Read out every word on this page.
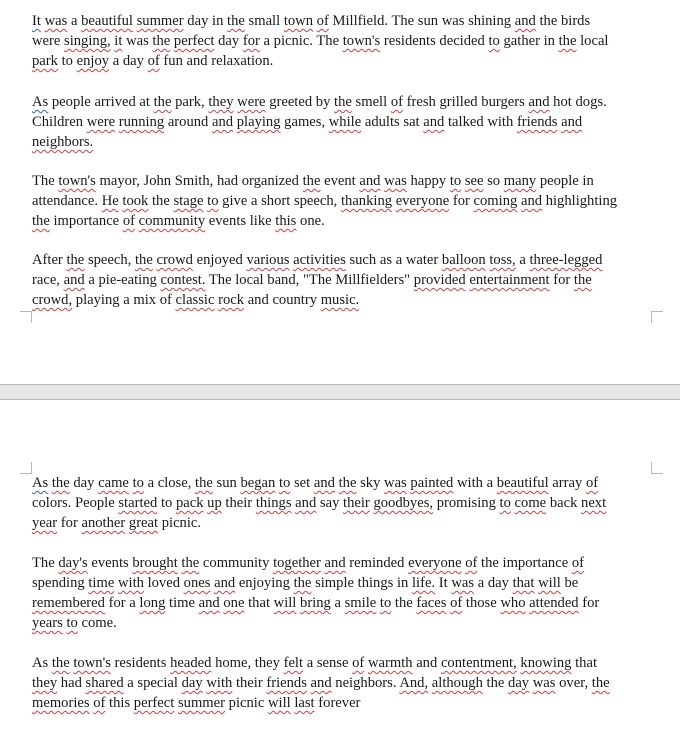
It was a beautiful summer day in the small town of Millfield. The sun was shining and the birds
were singing, it was the perfect day for a picnic. The town's residents decided to gather in the local
park to enjoy a day of fun and relaxation.

As people arrived at the park, they were greeted by the smell of fresh grilled burgers and hot dogs.
Children were running around and playing games, while adults sat and talked with friends and
neighbors.

The town's mayor, John Smith, had organized the event and was happy to see so many people in
attendance. He took the stage to give a short speech, thanking everyone for coming and highlighting
the importance of community events like this one.

After the speech, the crowd enjoyed various activities such as a water balloon toss, a three-legged
race, and a pie-eating contest. The local band, "The Millfielders" provided entertainment for the
crowd, playing a mix of classic rock and country music.

As the day came to a close, the sun began to set and the sky was painted with a beautiful array of
colors. People started to pack up their things and say their goodbyes, promising to come back next
year for another great picnic.

The day's events brought the community together and reminded everyone of the importance of
spending time with loved ones and enjoying the simple things in life. It was a day that will be
remembered for a long time and one that will bring a smile to the faces of those who attended for
years to come.

As the town's residents headed home, they felt a sense of warmth and contentment, knowing that
they had shared a special day with their friends and neighbors. And, although the day was over, the
memories of this perfect summer picnic will last forever
